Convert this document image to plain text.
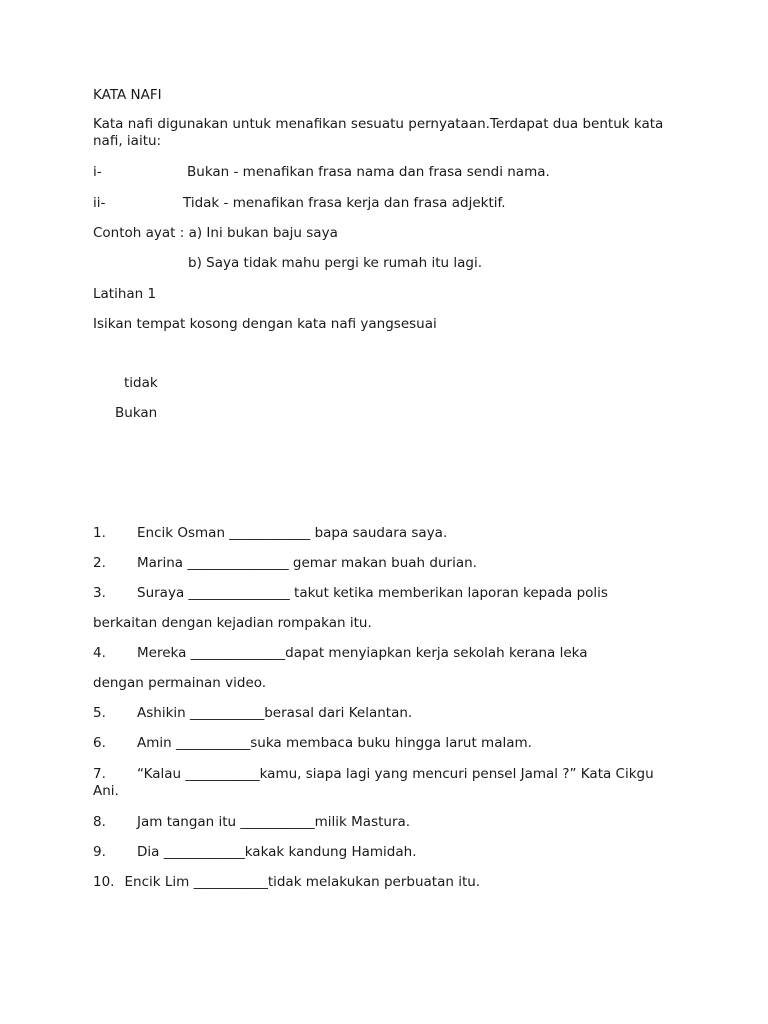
KATA NAFI
Kata nafi digunakan untuk menafikan sesuatu pernyataan.Terdapat dua bentuk kata nafi, iaitu:
i-	Bukan - menafikan frasa nama dan frasa sendi nama.
ii-	Tidak - menafikan frasa kerja dan frasa adjektif.
Contoh ayat : a) Ini bukan baju saya
b) Saya tidak mahu pergi ke rumah itu lagi.
Latihan 1
Isikan tempat kosong dengan kata nafi yangsesuai
tidak
Bukan
1. Encik Osman ____________ bapa saudara saya.
2. Marina _______________ gemar makan buah durian.
3. Suraya _______________ takut ketika memberikan laporan kepada polis
berkaitan dengan kejadian rompakan itu.
4. Mereka ______________dapat menyiapkan kerja sekolah kerana leka
dengan permainan video.
5. Ashikin ___________berasal dari Kelantan.
6. Amin ___________suka membaca buku hingga larut malam.
7. “Kalau ___________kamu, siapa lagi yang mencuri pensel Jamal ?” Kata Cikgu Ani.
8. Jam tangan itu ___________milik Mastura.
9. Dia ____________kakak kandung Hamidah.
10. Encik Lim ___________tidak melakukan perbuatan itu.
